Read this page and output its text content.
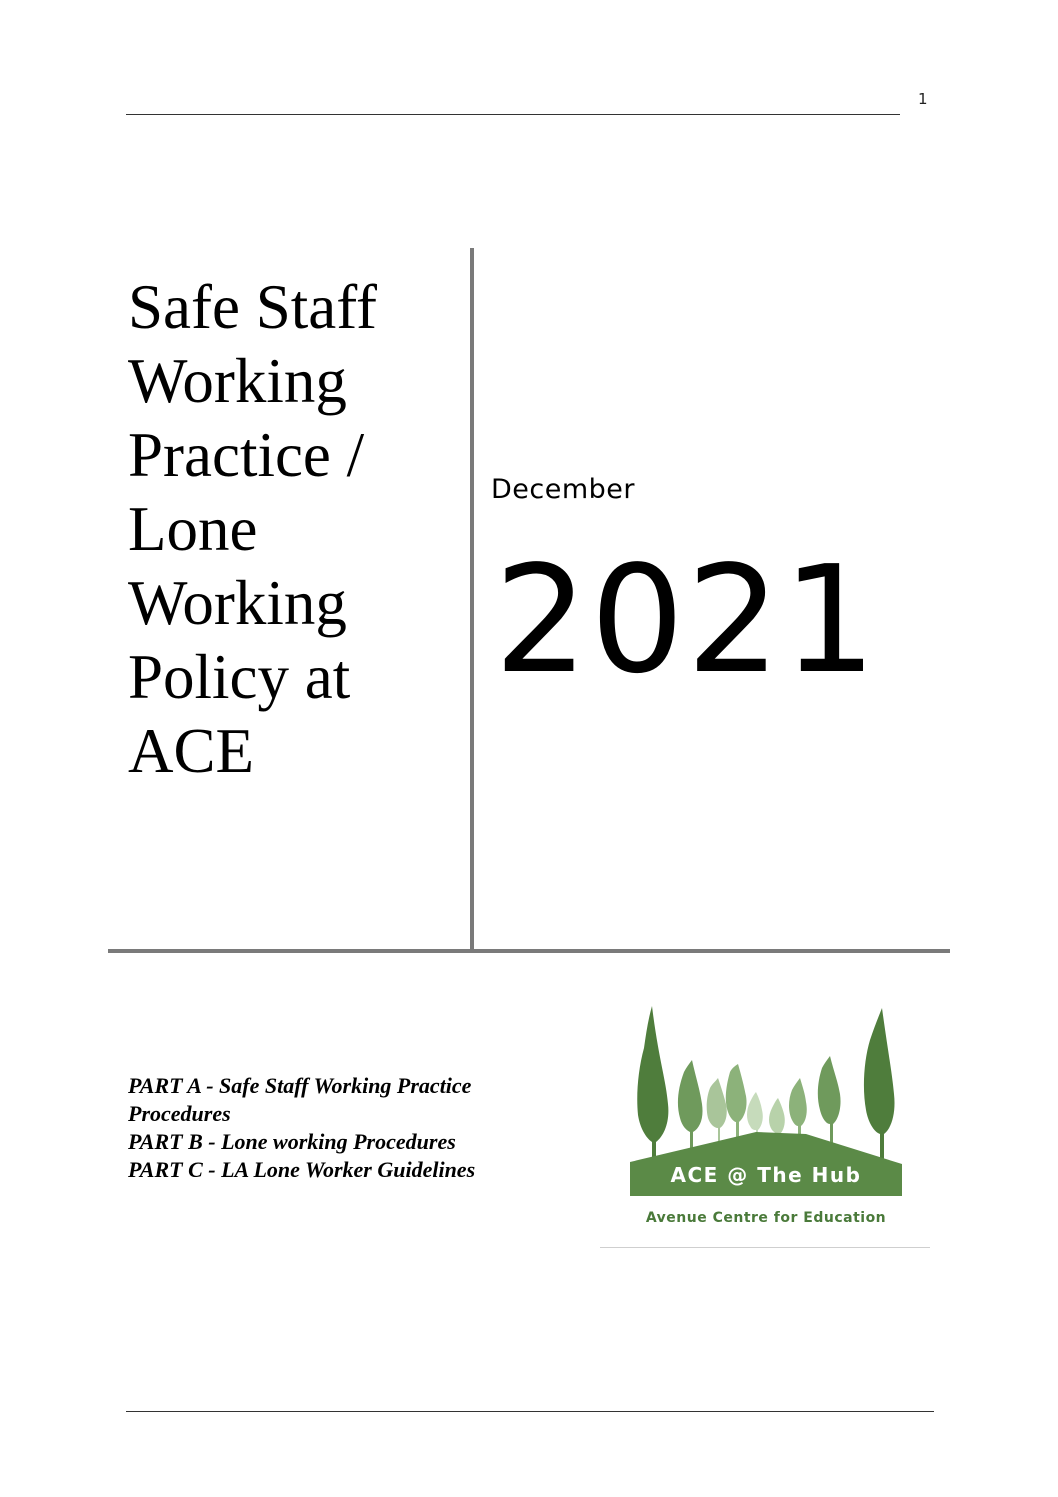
1
Safe Staff
Working
Practice /
Lone
Working
Policy at
ACE
December
2021
PART A - Safe Staff Working Practice
Procedures
PART B - Lone working Procedures
PART C - LA Lone Worker Guidelines	ACE @ The Hub
Avenue Centre for Education
